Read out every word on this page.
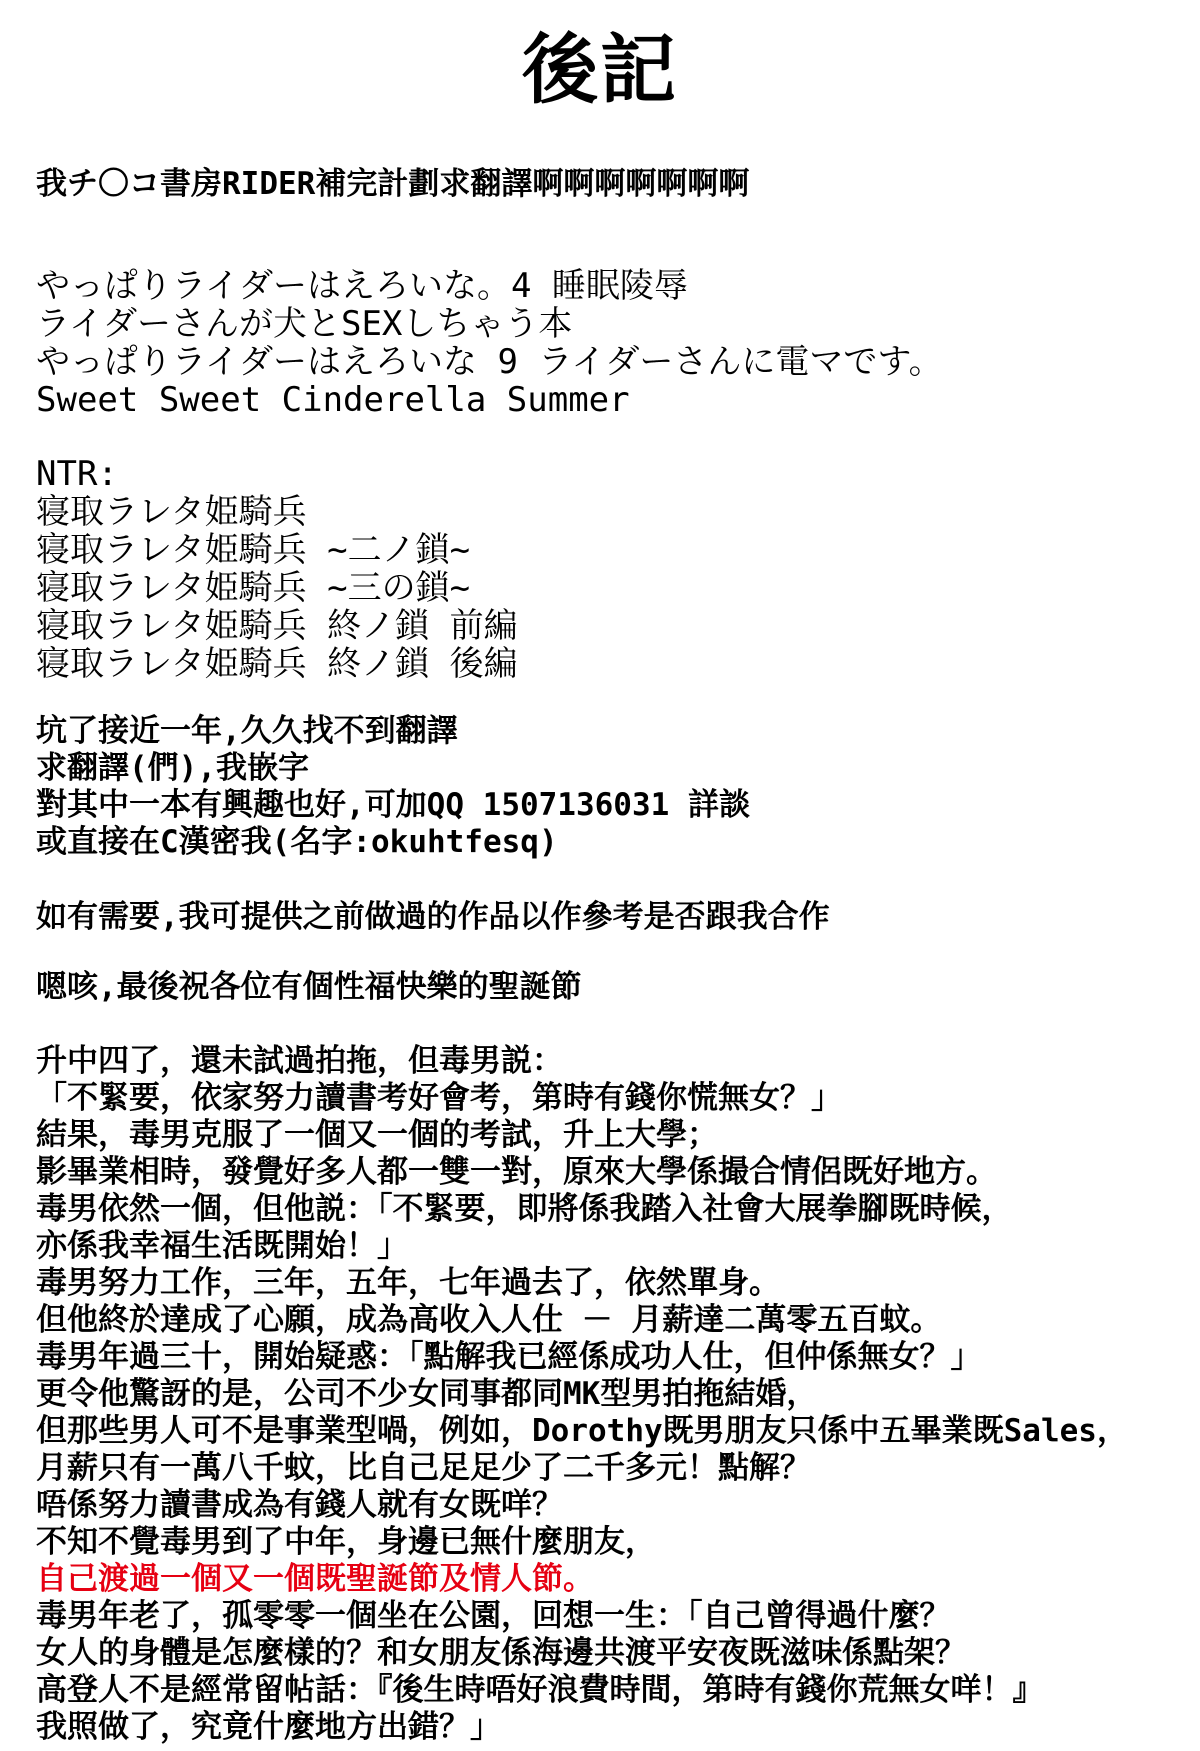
後記
我チ〇コ書房RIDER補完計劃求翻譯啊啊啊啊啊啊啊
やっぱりライダーはえろいな。4 睡眠陵辱
ライダーさんが犬とSEXしちゃう本
やっぱりライダーはえろいな 9 ライダーさんに電マです。
Sweet Sweet Cinderella Summer
NTR:
寝取ラレタ姫騎兵
寝取ラレタ姫騎兵 ~二ノ鎖~
寝取ラレタ姫騎兵 ~三の鎖~
寝取ラレタ姫騎兵 終ノ鎖 前編
寝取ラレタ姫騎兵 終ノ鎖 後編
坑了接近一年,久久找不到翻譯
求翻譯(們),我嵌字
對其中一本有興趣也好,可加QQ 1507136031 詳談
或直接在C漢密我(名字:okuhtfesq)
如有需要,我可提供之前做過的作品以作參考是否跟我合作
嗯咳,最後祝各位有個性福快樂的聖誕節
升中四了，還未試過拍拖，但毒男説：
「不緊要，依家努力讀書考好會考，第時有錢你慌無女？」
結果，毒男克服了一個又一個的考試，升上大學；
影畢業相時，發覺好多人都一雙一對，原來大學係撮合情侶既好地方。
毒男依然一個，但他説：「不緊要，即將係我踏入社會大展拳腳既時候，
亦係我幸福生活既開始！」
毒男努力工作，三年，五年，七年過去了，依然單身。
但他終於達成了心願，成為高收入人仕 － 月薪達二萬零五百蚊。
毒男年過三十，開始疑惑：「點解我已經係成功人仕，但仲係無女？」
更令他驚訝的是，公司不少女同事都同MK型男拍拖結婚，
但那些男人可不是事業型喎，例如，Dorothy既男朋友只係中五畢業既Sales，
月薪只有一萬八千蚊，比自己足足少了二千多元！點解？
唔係努力讀書成為有錢人就有女既咩？
不知不覺毒男到了中年，身邊已無什麼朋友，
自己渡過一個又一個既聖誕節及情人節。
毒男年老了，孤零零一個坐在公園，回想一生：「自己曾得過什麼？
女人的身體是怎麼樣的？和女朋友係海邊共渡平安夜既滋味係點架？
高登人不是經常留帖話：『後生時唔好浪費時間，第時有錢你荒無女咩！』
我照做了，究竟什麼地方出錯？」
